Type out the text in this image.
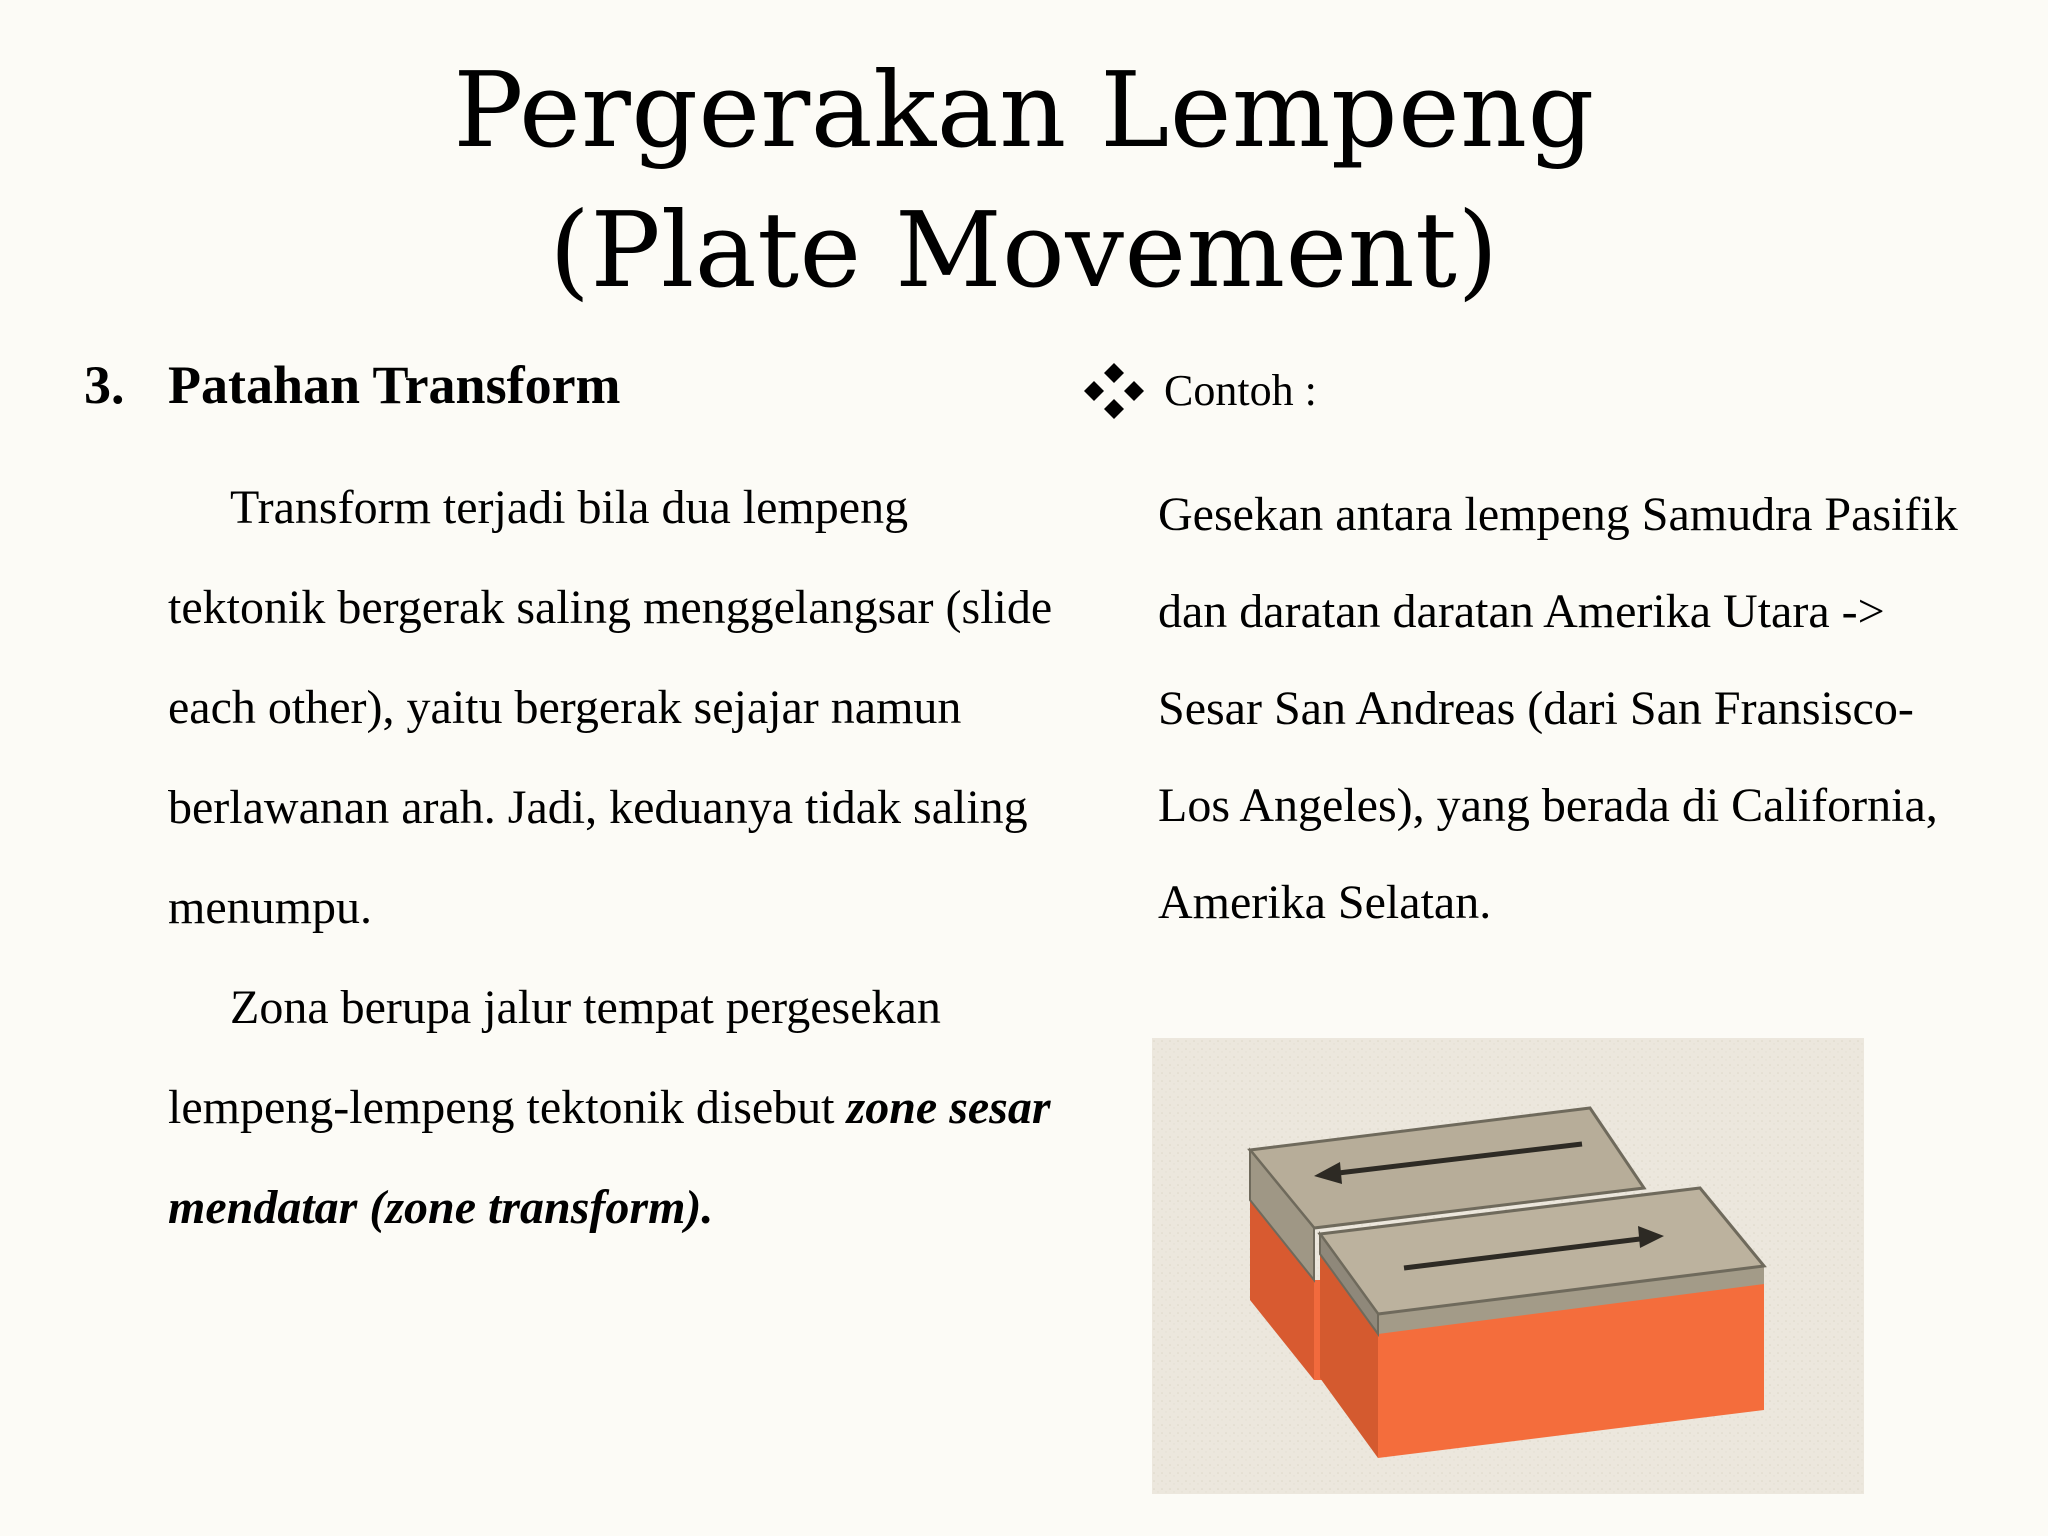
Pergerakan Lempeng
(Plate Movement)
3. Patahan Transform
Transform terjadi bila dua lempeng tektonik bergerak saling menggelangsar (slide each other), yaitu bergerak sejajar namun berlawanan arah. Jadi, keduanya tidak saling menumpu.
Zona berupa jalur tempat pergesekan lempeng-lempeng tektonik disebut zone sesar mendatar (zone transform).
Contoh :
Gesekan antara lempeng Samudra Pasifik dan daratan daratan Amerika Utara -> Sesar San Andreas (dari San Fransisco-Los Angeles), yang berada di California, Amerika Selatan.
